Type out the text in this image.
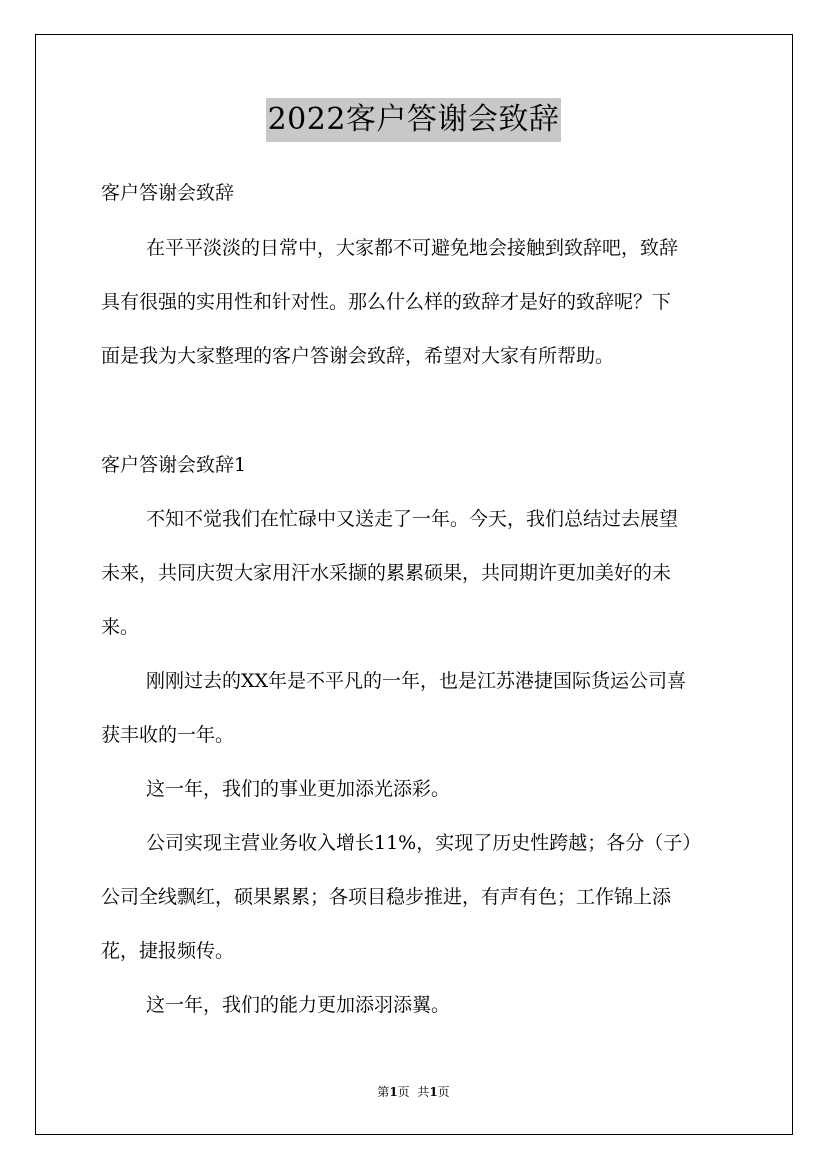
2022客户答谢会致辞
客户答谢会致辞
在平平淡淡的日常中，大家都不可避免地会接触到致辞吧，致辞
具有很强的实用性和针对性。那么什么样的致辞才是好的致辞呢？下
面是我为大家整理的客户答谢会致辞，希望对大家有所帮助。
客户答谢会致辞1
不知不觉我们在忙碌中又送走了一年。今天，我们总结过去展望
未来，共同庆贺大家用汗水采撷的累累硕果，共同期许更加美好的未
来。
刚刚过去的XX年是不平凡的一年，也是江苏港捷国际货运公司喜
获丰收的一年。
这一年，我们的事业更加添光添彩。
公司实现主营业务收入增长11%，实现了历史性跨越；各分（子）
公司全线飘红，硕果累累；各项目稳步推进，有声有色；工作锦上添
花，捷报频传。
这一年，我们的能力更加添羽添翼。
第1页  共1页
